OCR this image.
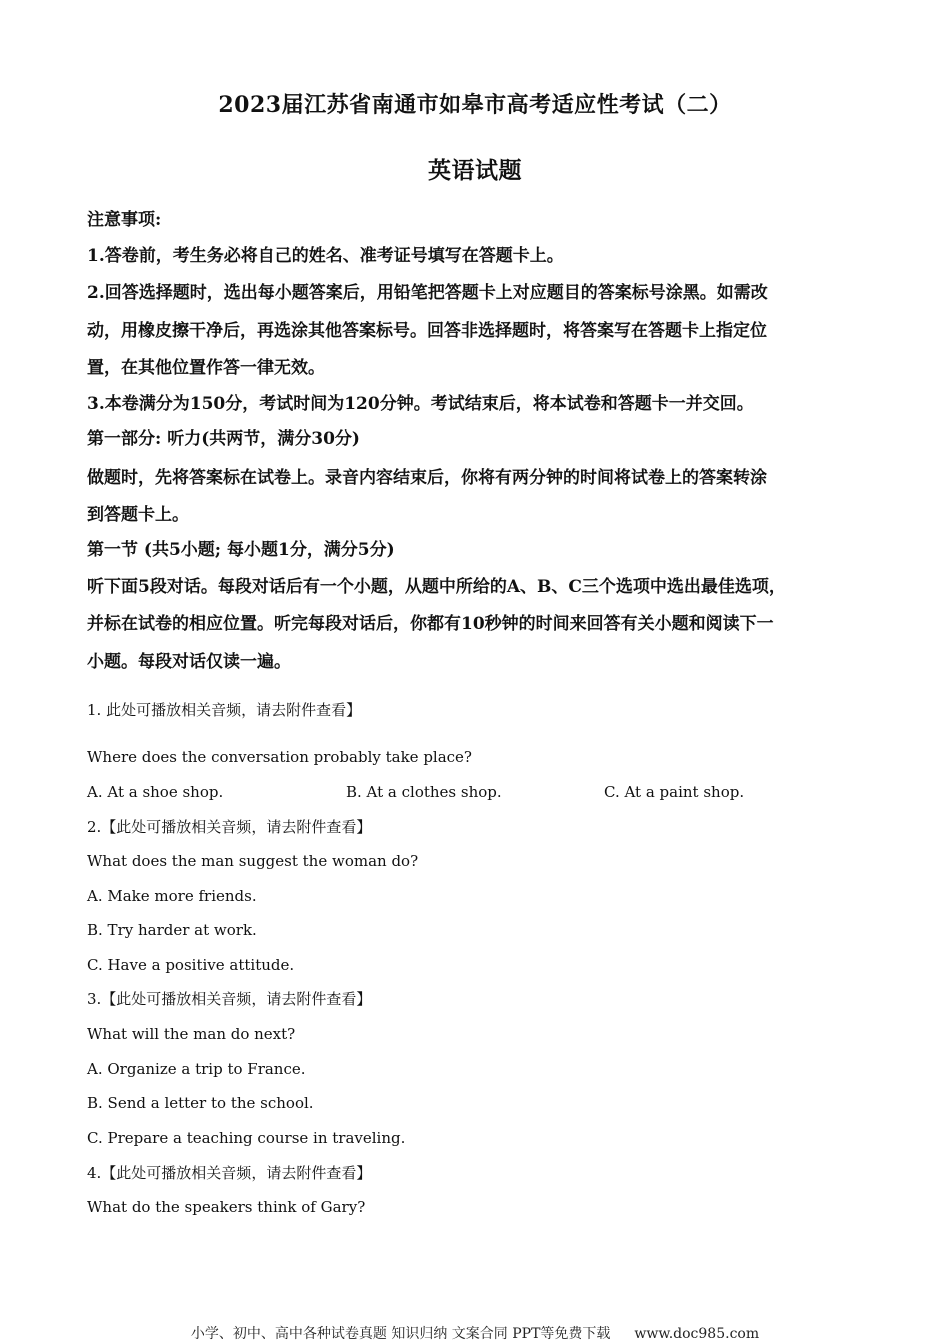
2023届江苏省南通市如皋市高考适应性考试（二）
英语试题
注意事项:
1.答卷前，考生务必将自己的姓名、准考证号填写在答题卡上。
2.回答选择题时，选出每小题答案后，用铅笔把答题卡上对应题目的答案标号涂黑。如需改
动，用橡皮擦干净后，再选涂其他答案标号。回答非选择题时，将答案写在答题卡上指定位
置，在其他位置作答一律无效。
3.本卷满分为150分，考试时间为120分钟。考试结束后，将本试卷和答题卡一并交回。
第一部分: 听力(共两节，满分30分)
做题时，先将答案标在试卷上。录音内容结束后，你将有两分钟的时间将试卷上的答案转涂
到答题卡上。
第一节 (共5小题; 每小题1分，满分5分)
听下面5段对话。每段对话后有一个小题，从题中所给的A、B、C三个选项中选出最佳选项，
并标在试卷的相应位置。听完每段对话后，你都有10秒钟的时间来回答有关小题和阅读下一
小题。每段对话仅读一遍。
1. 此处可播放相关音频，请去附件查看】
Where does the conversation probably take place?
A. At a shoe shop.	B. At a clothes shop.	C. At a paint shop.
2.【此处可播放相关音频，请去附件查看】
What does the man suggest the woman do?
A. Make more friends.
B. Try harder at work.
C. Have a positive attitude.
3.【此处可播放相关音频，请去附件查看】
What will the man do next?
A. Organize a trip to France.
B. Send a letter to the school.
C. Prepare a teaching course in traveling.
4.【此处可播放相关音频，请去附件查看】
What do the speakers think of Gary?
小学、初中、高中各种试卷真题 知识归纳 文案合同 PPT等免费下载 www.doc985.com
